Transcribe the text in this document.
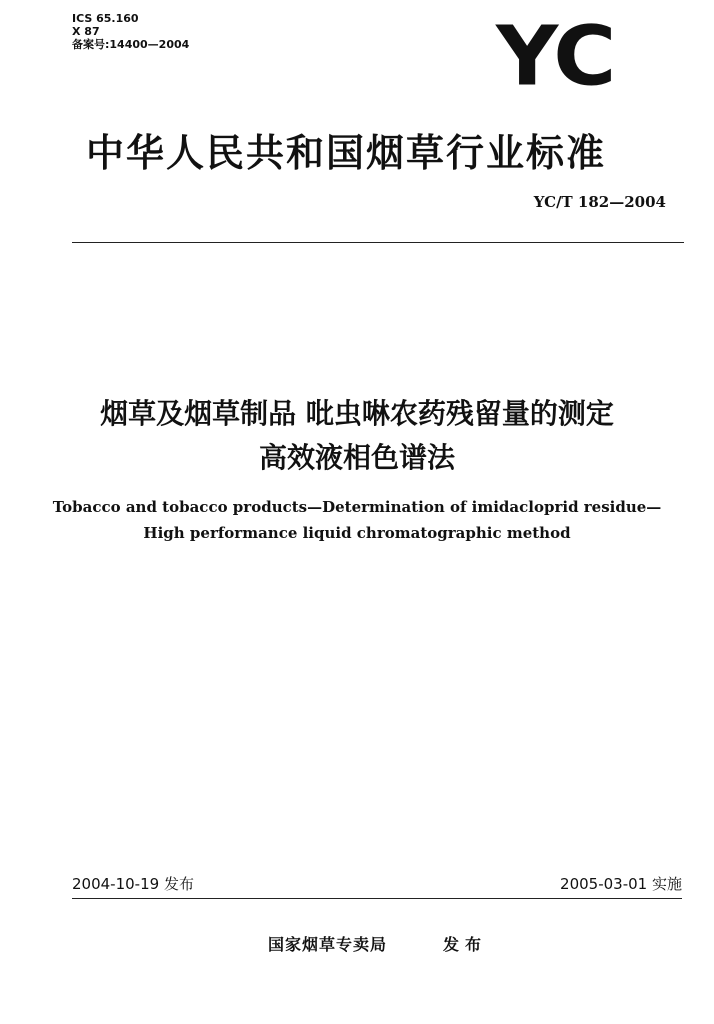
ICS 65.160
X 87
备案号:14400—2004	YC
中华人民共和国烟草行业标准
YC/T 182—2004
烟草及烟草制品 吡虫啉农药残留量的测定
高效液相色谱法
Tobacco and tobacco products—Determination of imidacloprid residue—
High performance liquid chromatographic method
2004-10-19 发布	2005-03-01 实施
国家烟草专卖局	发布
